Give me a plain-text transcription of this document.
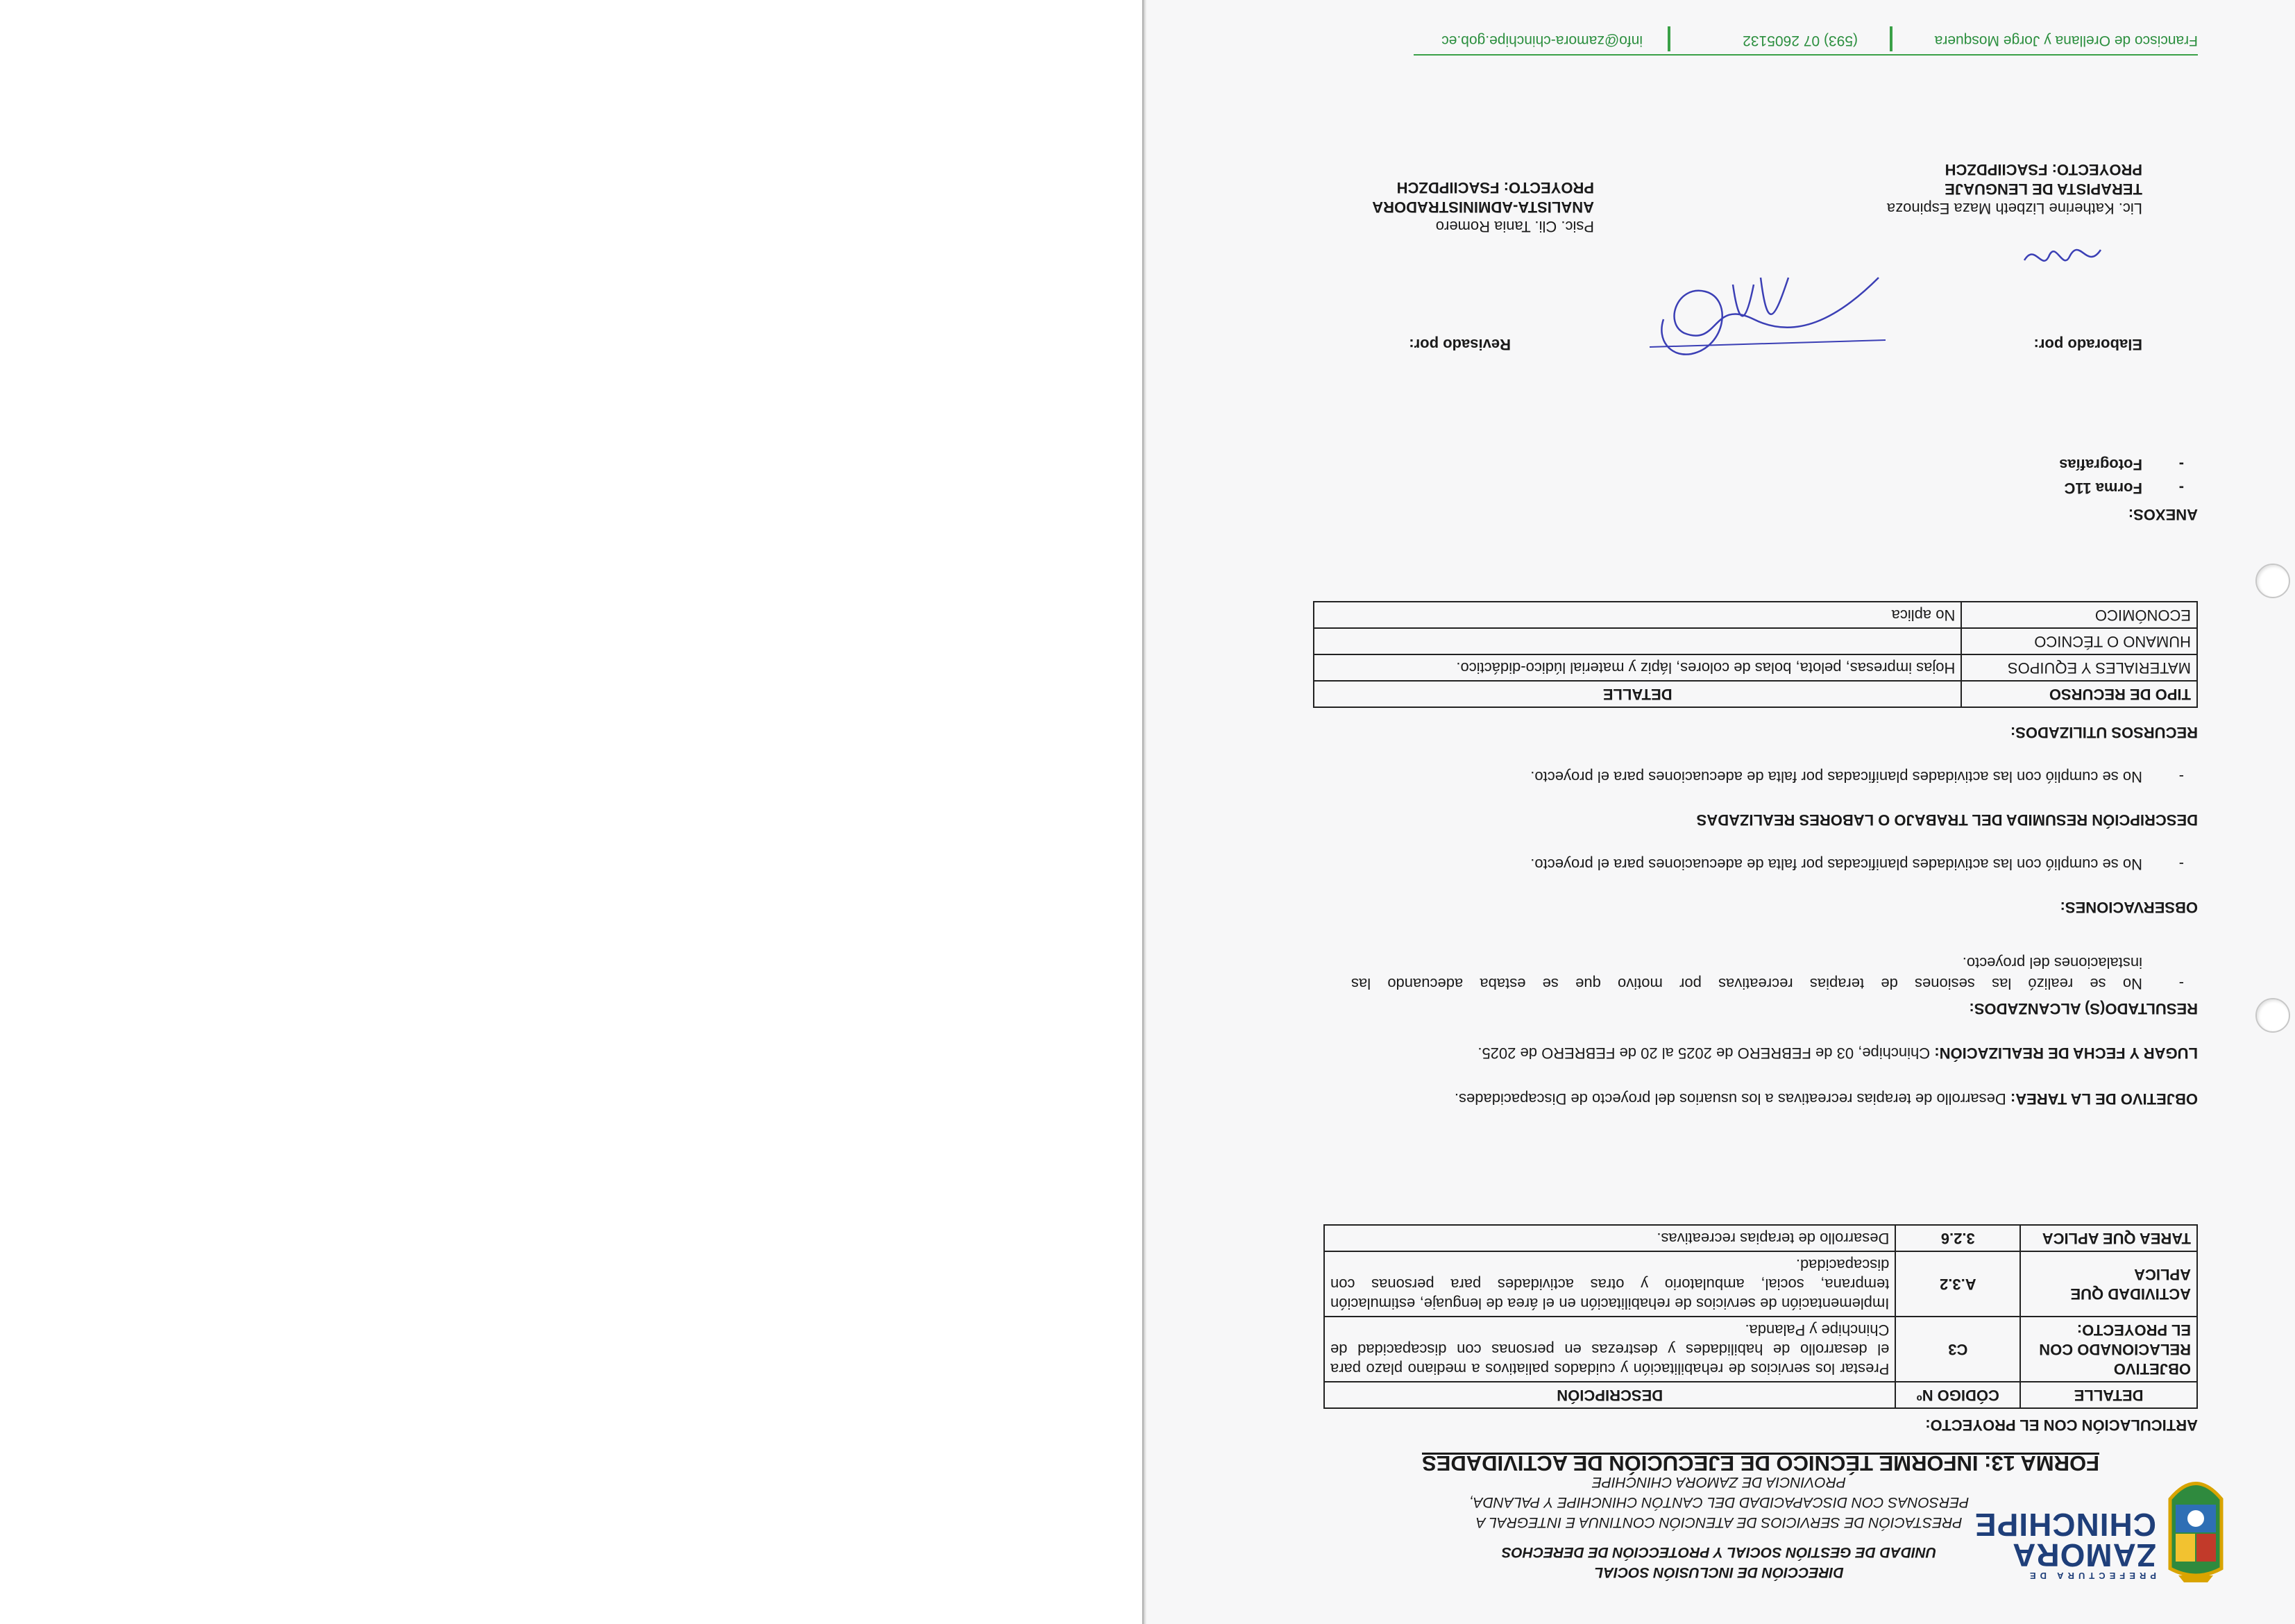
PREFECTURA DE
ZAMORA
CHINCHIPE
DIRECCIÓN DE INCLUSIÓN SOCIAL
UNIDAD DE GESTIÓN SOCIAL Y PROTECCIÓN DE DERECHOS
PRESTACIÓN DE SERVICIOS DE ATENCIÓN CONTINUA E INTEGRAL A
PERSONAS CON DISCAPACIDAD DEL CANTÓN CHINCHIPE Y PALANDA,
PROVINCIA DE ZAMORA CHINCHIPE
FORMA 13: INFORME TÉCNICO DE EJECUCIÓN DE ACTIVIDADES
ARTICULACIÓN CON EL PROYECTO:
DETALLE	CÓDIGO Nº	DESCRIPCIÓN
OBJETIVO RELACIONADO CON EL PROYECTO:	C3	Prestar los servicios de rehabilitación y cuidados paliativos a mediano plazo para el desarrollo de habilidades y destrezas en personas con discapacidad de Chinchipe y Palanda.
ACTIVIDAD QUE APLICA	A.3.2	Implementación de servicios de rehabilitación en el área de lenguaje, estimulación temprana, social, ambulatorio y otras actividades para personas con discapacidad.
TAREA QUE APLICA	3.2.6	Desarrollo de terapias recreativas.
OBJETIVO DE LA TAREA: Desarrollo de terapias recreativas a los usuarios del proyecto de Discapacidades.
LUGAR Y FECHA DE REALIZACIÓN: Chinchipe, 03 de FEBRERO de 2025 al 20 de FEBRERO de 2025.
RESULTADO(S) ALCANZADOS:
-
No se realizó las sesiones de terapias recreativas por motivo que se estaba adecuando las
instalaciones del proyecto.
OBSERVACIONES:
-
No se cumplió con las actividades planificadas por falta de adecuaciones para el proyecto.
DESCRIPCIÓN RESUMIDA DEL TRABAJO O LABORES REALIZADAS
-
No se cumplió con las actividades planificadas por falta de adecuaciones para el proyecto.
RECURSOS UTILIZADOS:
TIPO DE RECURSO	DETALLE
MATERIALES Y EQUIPOS	Hojas impresas, pelota, bolas de colores, lápiz y material lúdico-didáctico.
HUMANO O TÉCNICO	
ECONÓMICO	No aplica
ANEXOS:
-
Forma 11C
-
Fotografías
Elaborado por:
Revisado por:
Lic. Katherine Lizbeth Maza Espinoza
TERAPISTA DE LENGUAJE
PROYECTO: FSACIIPDZCH
Psic. Cli. Tania Romero
ANALISTA-ADMINISTRADORA
PROYECTO: FSACIIPDZCH
Francisco de Orellana y Jorge Mosquera
(593) 07 2605132
info@zamora-chinchipe.gob.ec
